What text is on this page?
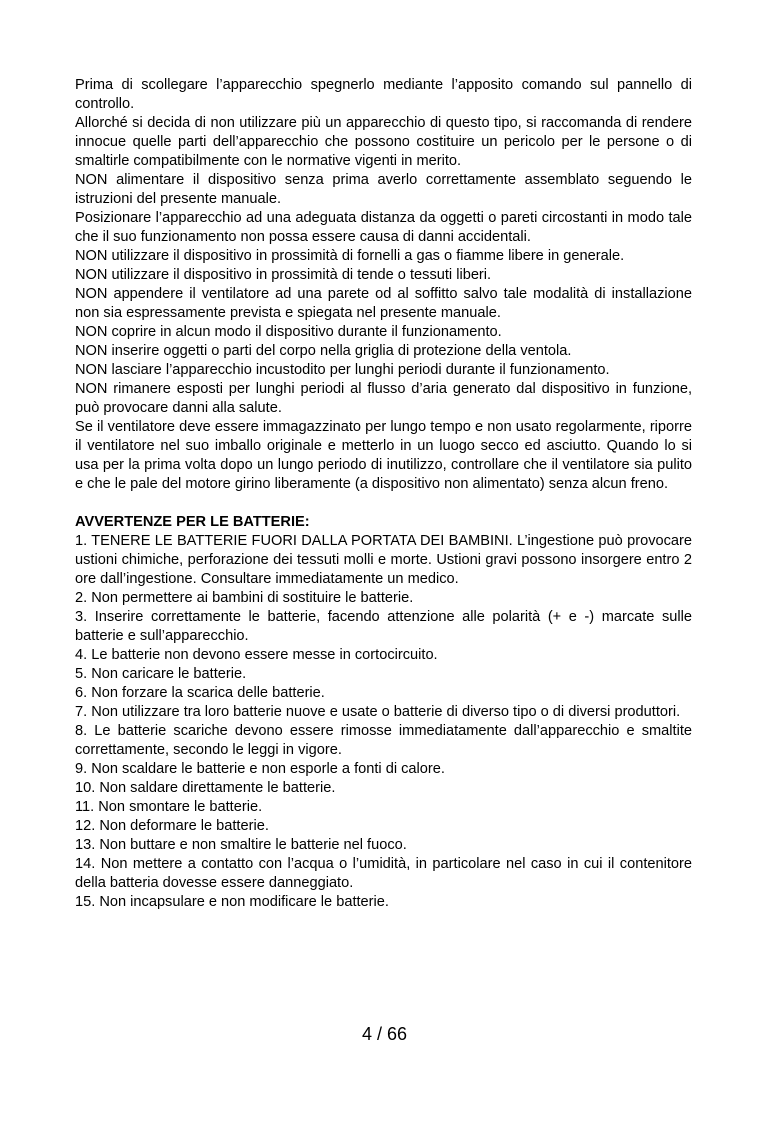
Prima di scollegare l’apparecchio spegnerlo mediante l’apposito comando sul pannello di controllo.

Allorché si decida di non utilizzare più un apparecchio di questo tipo, si raccomanda di rendere innocue quelle parti dell’apparecchio che possono costituire un pericolo per le persone o di smaltirle compatibilmente con le normative vigenti in merito.

NON alimentare il dispositivo senza prima averlo correttamente assemblato seguendo le istruzioni del presente manuale.

Posizionare l’apparecchio ad una adeguata distanza da oggetti o pareti circostanti in modo tale che il suo funzionamento non possa essere causa di danni accidentali.

NON utilizzare il dispositivo in prossimità di fornelli a gas o fiamme libere in generale.

NON utilizzare il dispositivo in prossimità di tende o tessuti liberi.

NON appendere il ventilatore ad una parete od al soffitto salvo tale modalità di installazione non sia espressamente prevista e spiegata nel presente manuale.

NON coprire in alcun modo il dispositivo durante il funzionamento.

NON inserire oggetti o parti del corpo nella griglia di protezione della ventola.

NON lasciare l’apparecchio incustodito per lunghi periodi durante il funzionamento.

NON rimanere esposti per lunghi periodi al flusso d’aria generato dal dispositivo in funzione, può provocare danni alla salute.

Se il ventilatore deve essere immagazzinato per lungo tempo e non usato regolarmente, riporre il ventilatore nel suo imballo originale e metterlo in un luogo secco ed asciutto. Quando lo si usa per la prima volta dopo un lungo periodo di inutilizzo, controllare che il ventilatore sia pulito e che le pale del motore girino liberamente (a dispositivo non alimentato) senza alcun freno.

AVVERTENZE PER LE BATTERIE:

1. TENERE LE BATTERIE FUORI DALLA PORTATA DEI BAMBINI. L’ingestione può provocare ustioni chimiche, perforazione dei tessuti molli e morte. Ustioni gravi possono insorgere entro 2 ore dall’ingestione. Consultare immediatamente un medico.

2. Non permettere ai bambini di sostituire le batterie.

3. Inserire correttamente le batterie, facendo attenzione alle polarità (+ e -) marcate sulle batterie e sull’apparecchio.

4. Le batterie non devono essere messe in cortocircuito.

5. Non caricare le batterie.

6. Non forzare la scarica delle batterie.

7. Non utilizzare tra loro batterie nuove e usate o batterie di diverso tipo o di diversi produttori.

8. Le batterie scariche devono essere rimosse immediatamente dall’apparecchio e smaltite correttamente, secondo le leggi in vigore.

9. Non scaldare le batterie e non esporle a fonti di calore.

10. Non saldare direttamente le batterie.

11. Non smontare le batterie.

12. Non deformare le batterie.

13. Non buttare e non smaltire le batterie nel fuoco.

14. Non mettere a contatto con l’acqua o l’umidità, in particolare nel caso in cui il contenitore della batteria dovesse essere danneggiato.

15. Non incapsulare e non modificare le batterie.

4 / 66
